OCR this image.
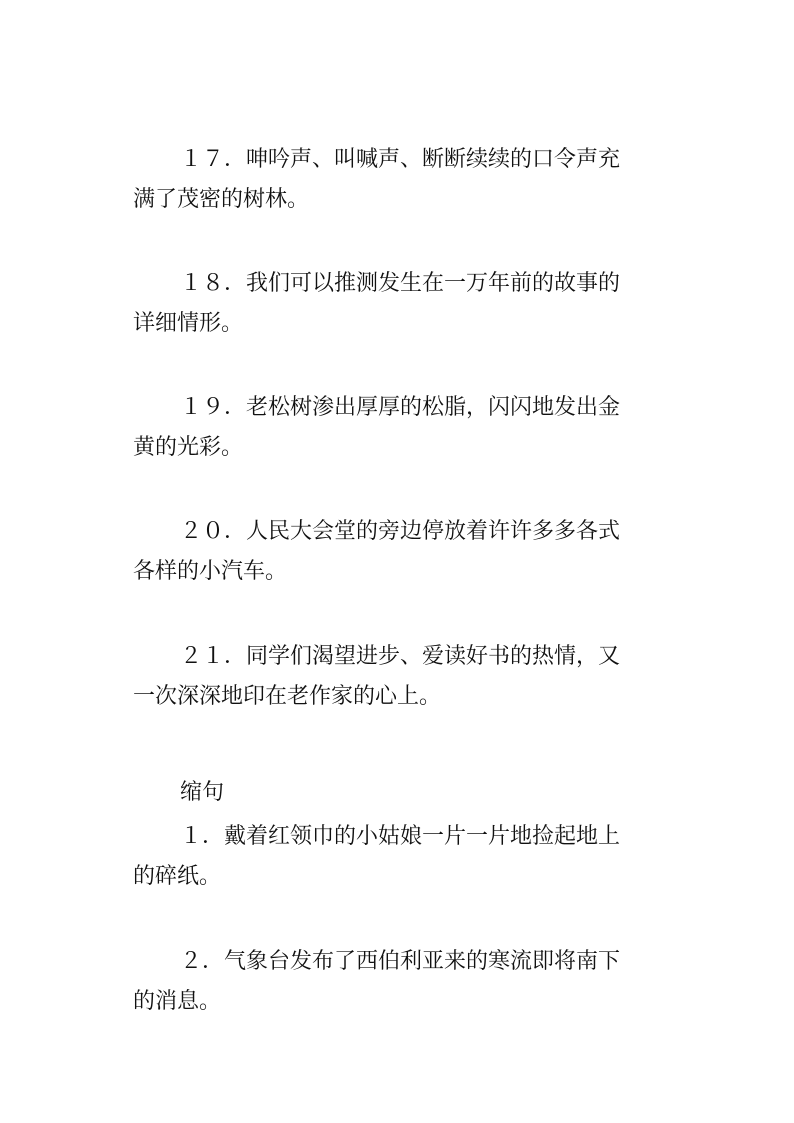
１７．呻吟声、叫喊声、断断续续的口令声充
满了茂密的树林。

１８．我们可以推测发生在一万年前的故事的
详细情形。

１９．老松树渗出厚厚的松脂，闪闪地发出金
黄的光彩。

２０．人民大会堂的旁边停放着许许多多各式
各样的小汽车。

２１．同学们渴望进步、爱读好书的热情，又
一次深深地印在老作家的心上。

缩句

１．戴着红领巾的小姑娘一片一片地捡起地上
的碎纸。

２．气象台发布了西伯利亚来的寒流即将南下
的消息。
